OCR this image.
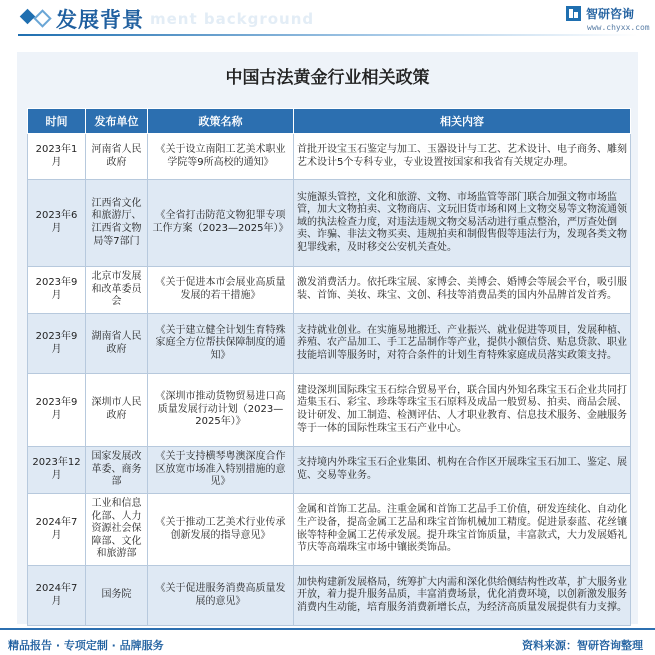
ment background
发展背景	智研咨询
www.chyxx.com
中国古法黄金行业相关政策
时间	发布单位	政策名称	相关内容
2023年1月	河南省人民政府	《关于设立南阳工艺美术职业学院等9所高校的通知》	首批开设宝玉石鉴定与加工、玉器设计与工艺、艺术设计、电子商务、雕刻艺术设计5个专科专业，专业设置按国家和我省有关规定办理。
2023年6月	江西省文化和旅游厅、江西省文物局等7部门	《全省打击防范文物犯罪专项工作方案（2023—2025年）》	实施源头管控，文化和旅游、文物、市场监管等部门联合加强文物市场监管，加大文物拍卖、文物商店、文玩旧货市场和网上文物交易等文物流通领域的执法检查力度，对违法违规文物交易活动进行重点整治，严厉查处倒卖、诈骗、非法文物买卖、违规拍卖和制假售假等违法行为，发现各类文物犯罪线索，及时移交公安机关查处。
2023年9月	北京市发展和改革委员会	《关于促进本市会展业高质量发展的若干措施》	激发消费活力。依托珠宝展、家博会、美博会、婚博会等展会平台，吸引服装、首饰、美妆、珠宝、文创、科技等消费品类的国内外品牌首发首秀。
2023年9月	湖南省人民政府	《关于建立健全计划生育特殊家庭全方位帮扶保障制度的通知》	支持就业创业。在实施易地搬迁、产业振兴、就业促进等项目，发展种植、养殖、农产品加工、手工艺品制作等产业，提供小额信贷、贴息贷款、职业技能培训等服务时，对符合条件的计划生育特殊家庭成员落实政策支持。
2023年9月	深圳市人民政府	《深圳市推动货物贸易进口高质量发展行动计划（2023—2025年）》	建设深圳国际珠宝玉石综合贸易平台，联合国内外知名珠宝玉石企业共同打造集玉石、彩宝、珍珠等珠宝玉石原料及成品一般贸易、拍卖、商品会展、设计研发、加工制造、检测评估、人才职业教育、信息技术服务、金融服务等于一体的国际性珠宝玉石产业中心。
2023年12月	国家发展改革委、商务部	《关于支持横琴粤澳深度合作区放宽市场准入特别措施的意见》	支持境内外珠宝玉石企业集团、机构在合作区开展珠宝玉石加工、鉴定、展览、交易等业务。
2024年7月	工业和信息化部、人力资源社会保障部、文化和旅游部	《关于推动工艺美术行业传承创新发展的指导意见》	金属和首饰工艺品。注重金属和首饰工艺品手工价值，研发连续化、自动化生产设备，提高金属工艺品和珠宝首饰机械加工精度。促进景泰蓝、花丝镶嵌等特种金属工艺传承发展。提升珠宝首饰质量，丰富款式，大力发展婚礼节庆等高端珠宝市场中镶嵌类饰品。
2024年7月	国务院	《关于促进服务消费高质量发展的意见》	加快构建新发展格局，统筹扩大内需和深化供给侧结构性改革，扩大服务业开放，着力提升服务品质，丰富消费场景，优化消费环境，以创新激发服务消费内生动能，培育服务消费新增长点，为经济高质量发展提供有力支撑。
精品报告 · 专项定制 · 品牌服务	资料来源：智研咨询整理
